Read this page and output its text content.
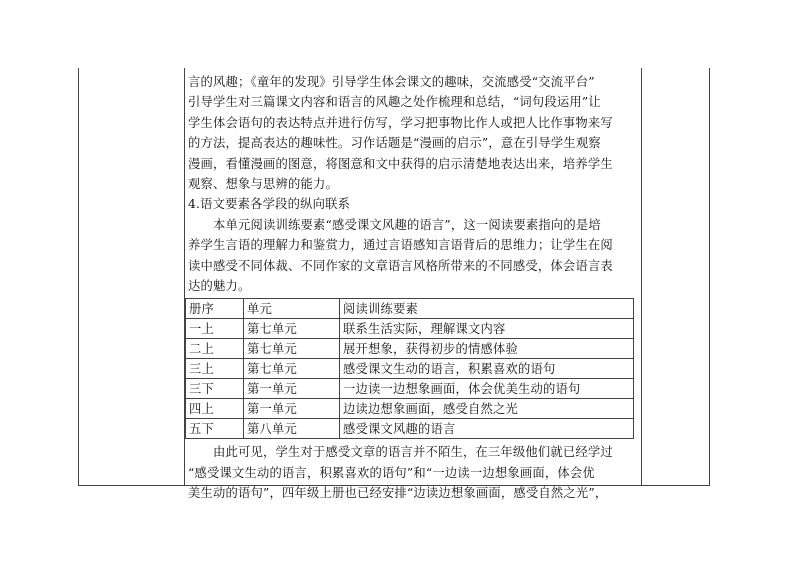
言的风趣；《童年的发现》引导学生体会课文的趣味，交流感受“交流平台”

引导学生对三篇课文内容和语言的风趣之处作梳理和总结，“词句段运用”让

学生体会语句的表达特点并进行仿写，学习把事物比作人或把人比作事物来写

的方法，提高表达的趣味性。习作话题是“漫画的启示”，意在引导学生观察

漫画，看懂漫画的图意，将图意和文中获得的启示清楚地表达出来，培养学生

观察、想象与思辨的能力。

4.语文要素各学段的纵向联系

本单元阅读训练要素“感受课文风趣的语言”，这一阅读要素指向的是培

养学生言语的理解力和鉴赏力，通过言语感知言语背后的思维力；让学生在阅

读中感受不同体裁、不同作家的文章语言风格所带来的不同感受，体会语言表

达的魅力。

册序	单元	阅读训练要素
一上	第七单元	联系生活实际，理解课文内容
二上	第七单元	展开想象，获得初步的情感体验
三上	第七单元	感受课文生动的语言，积累喜欢的语句
三下	第一单元	一边读一边想象画面，体会优美生动的语句
四上	第一单元	边读边想象画面，感受自然之光
五下	第八单元	感受课文风趣的语言

由此可见，学生对于感受文章的语言并不陌生，在三年级他们就已经学过

“感受课文生动的语言，积累喜欢的语句”和“一边读一边想象画面，体会优

美生动的语句”，四年级上册也已经安排“边读边想象画面，感受自然之光”，
